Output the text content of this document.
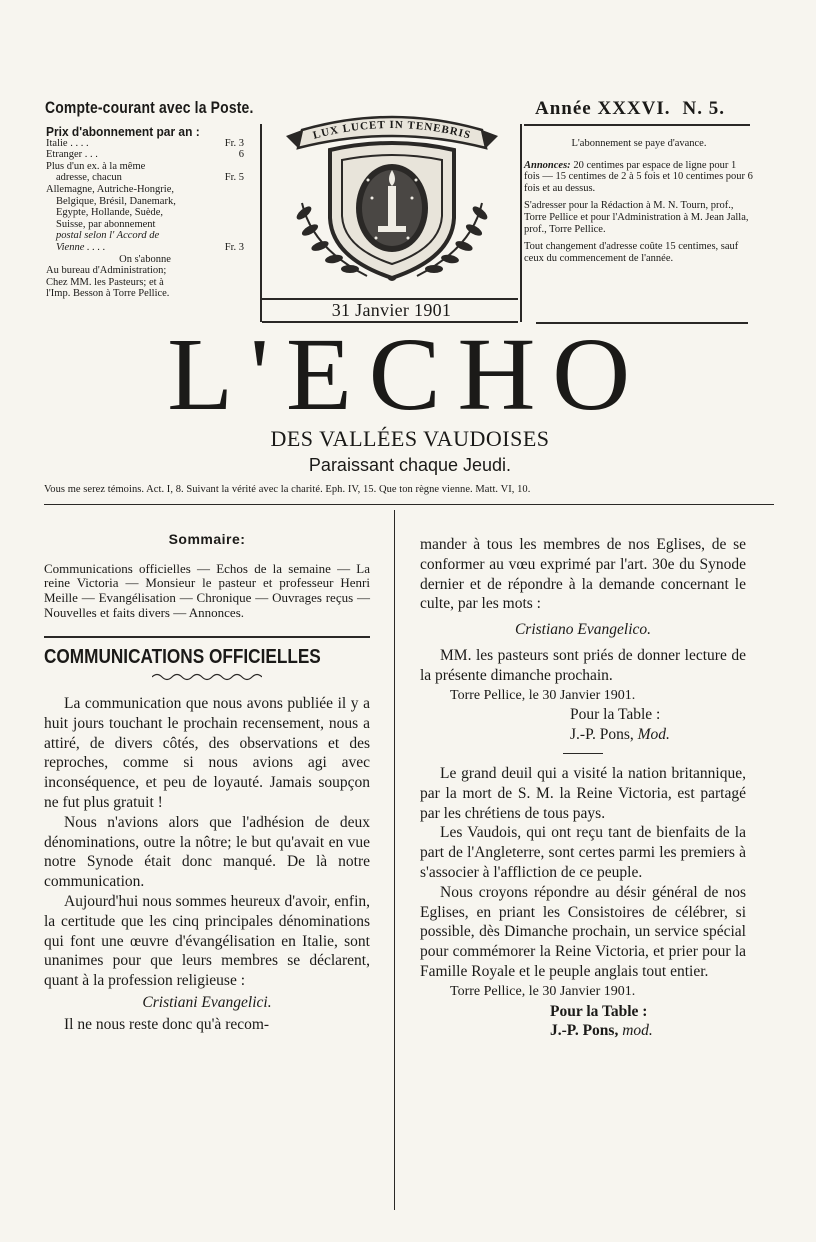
Compte-courant avec la Poste.	Année XXXVI. N. 5.
Prix d'abonnement par an :
Italie . . . .	Fr. 3
Etranger . . .	6
Plus d'un ex. à la même
adresse, chacun	Fr. 5
Allemagne, Autriche-Hongrie,
Belgique, Brésil, Danemark,
Egypte, Hollande, Suède,
Suisse, par abonnement
postal selon l' Accord de
Vienne . . . .	Fr. 3
On s'abonne
Au bureau d'Administration;
Chez MM. les Pasteurs; et à
l'Imp. Besson à Torre Pellice.
LUX LUCET IN TENEBRIS
31 Janvier 1901

L'abonnement se paye d'avance.

Annonces: 20 centimes par espace de ligne pour 1 fois — 15 centimes de 2 à 5 fois et 10 centimes pour 6 fois et au dessus.

S'adresser pour la Rédaction à M. N. Tourn, prof., Torre Pellice et pour l'Administration à M. Jean Jalla, prof., Torre Pellice.

Tout changement d'adresse coûte 15 centimes, sauf ceux du commencement de l'année.

L'ECHO
DES VALLÉES VAUDOISES
Paraissant chaque Jeudi.
Vous me serez témoins. Act. I, 8. Suivant la vérité avec la charité. Eph. IV, 15. Que ton règne vienne. Matt. VI, 10.
Sommaire:
Communications officielles — Echos de la semaine — La reine Victoria — Monsieur le pasteur et professeur Henri Meille — Evangélisation — Chronique — Ouvrages reçus — Nouvelles et faits divers — Annonces.
COMMUNICATIONS OFFICIELLES

La communication que nous avons publiée il y a huit jours touchant le prochain recensement, nous a attiré, de divers côtés, des observations et des reproches, comme si nous avions agi avec inconséquence, et peu de loyauté. Jamais soupçon ne fut plus gratuit !

Nous n'avions alors que l'adhésion de deux dénominations, outre la nôtre; le but qu'avait en vue notre Synode était donc manqué. De là notre communication.

Aujourd'hui nous sommes heureux d'avoir, enfin, la certitude que les cinq principales dénominations qui font une œuvre d'évangélisation en Italie, sont unanimes pour que leurs membres se déclarent, quant à la profession religieuse :

Cristiani Evangelici.

Il ne nous reste donc qu'à recom-

mander à tous les membres de nos Eglises, de se conformer au vœu exprimé par l'art. 30e du Synode dernier et de répondre à la demande concernant le culte, par les mots :

Cristiano Evangelico.

MM. les pasteurs sont priés de donner lecture de la présente dimanche prochain.

Torre Pellice, le 30 Janvier 1901.

Pour la Table :

J.-P. Pons, Mod.

Le grand deuil qui a visité la nation britannique, par la mort de S. M. la Reine Victoria, est partagé par les chrétiens de tous pays.

Les Vaudois, qui ont reçu tant de bienfaits de la part de l'Angleterre, sont certes parmi les premiers à s'associer à l'affliction de ce peuple.

Nous croyons répondre au désir général de nos Eglises, en priant les Consistoires de célébrer, si possible, dès Dimanche prochain, un service spécial pour commémorer la Reine Victoria, et prier pour la Famille Royale et le peuple anglais tout entier.

Torre Pellice, le 30 Janvier 1901.

Pour la Table :

J.-P. Pons, mod.
